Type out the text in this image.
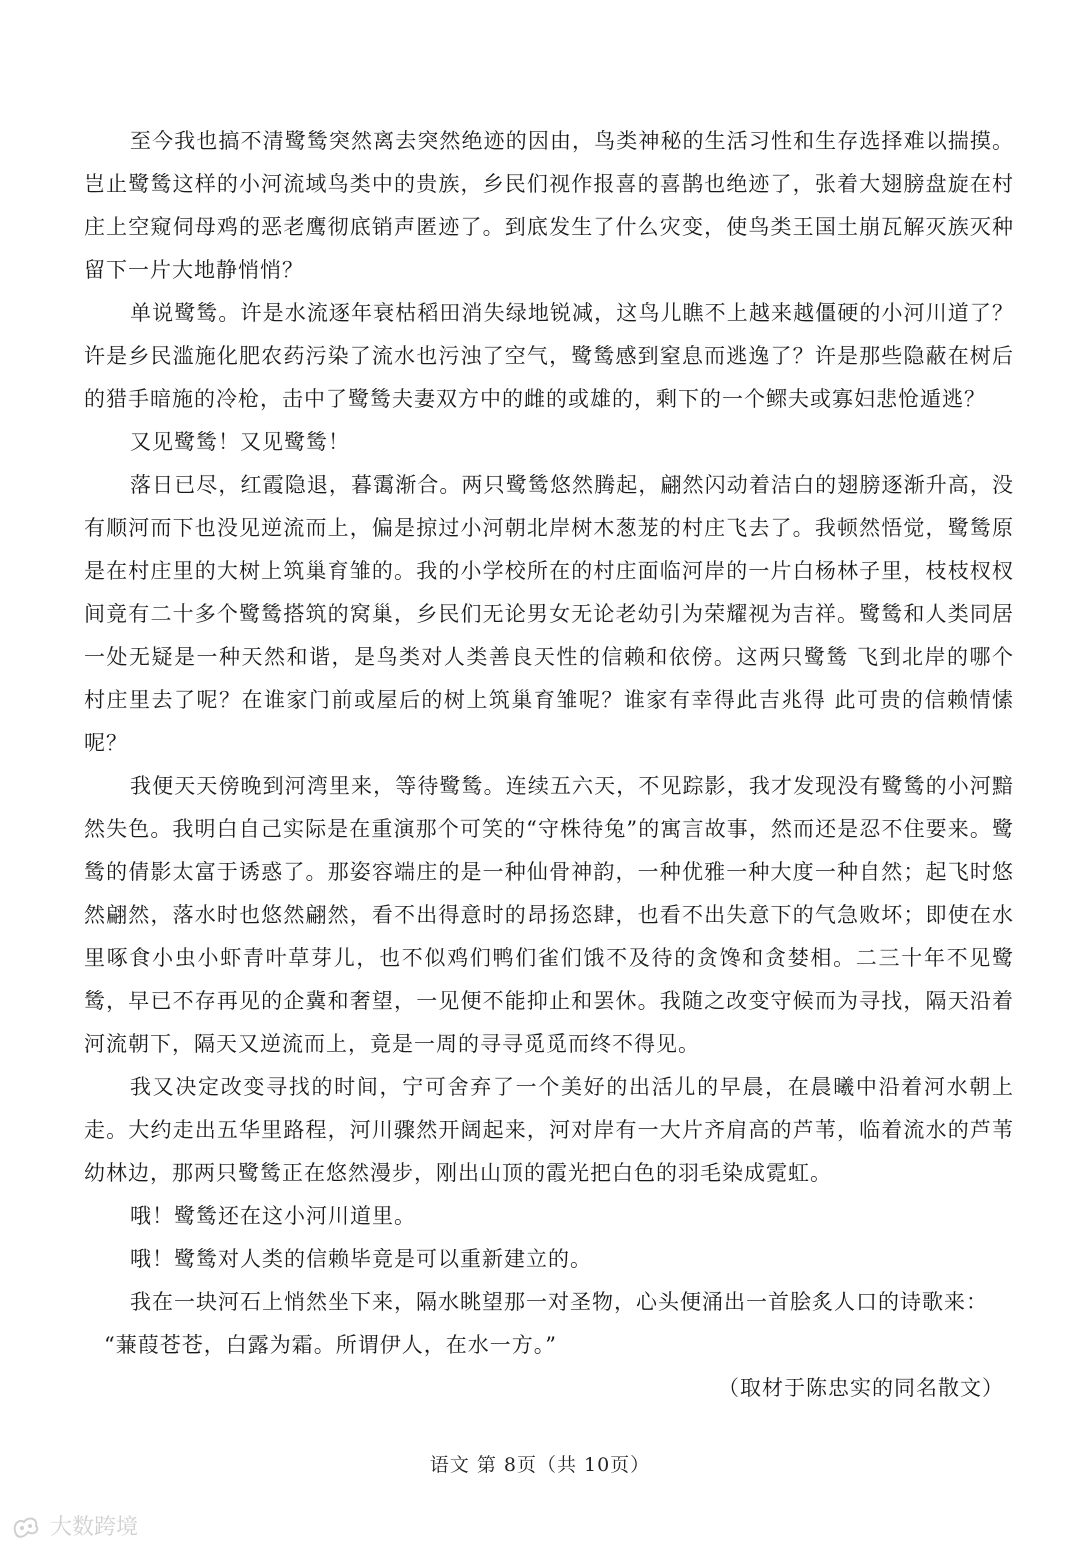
至今我也搞不清鹭鸶突然离去突然绝迹的因由，鸟类神秘的生活习性和生存选择难以揣摸。岂止鹭鸶这样的小河流域鸟类中的贵族，乡民们视作报喜的喜鹊也绝迹了，张着大翅膀盘旋在村庄上空窥伺母鸡的恶老鹰彻底销声匿迹了。到底发生了什么灾变，使鸟类王国土崩瓦解灭族灭种留下一片大地静悄悄？

单说鹭鸶。许是水流逐年衰枯稻田消失绿地锐减，这鸟儿瞧不上越来越僵硬的小河川道了？许是乡民滥施化肥农药污染了流水也污浊了空气，鹭鸶感到窒息而逃逸了？许是那些隐蔽在树后的猎手暗施的冷枪，击中了鹭鸶夫妻双方中的雌的或雄的，剩下的一个鳏夫或寡妇悲怆遁逃？

又见鹭鸶！又见鹭鸶！

落日已尽，红霞隐退，暮霭渐合。两只鹭鸶悠然腾起，翩然闪动着洁白的翅膀逐渐升高，没有顺河而下也没见逆流而上，偏是掠过小河朝北岸树木葱茏的村庄飞去了。我顿然悟觉，鹭鸶原是在村庄里的大树上筑巢育雏的。我的小学校所在的村庄面临河岸的一片白杨林子里，枝枝杈杈间竟有二十多个鹭鸶搭筑的窝巢，乡民们无论男女无论老幼引为荣耀视为吉祥。鹭鸶和人类同居一处无疑是一种天然和谐，是鸟类对人类善良天性的信赖和依傍。这两只鹭鸶 飞到北岸的哪个村庄里去了呢？在谁家门前或屋后的树上筑巢育雏呢？谁家有幸得此吉兆得 此可贵的信赖情愫呢？

我便天天傍晚到河湾里来，等待鹭鸶。连续五六天，不见踪影，我才发现没有鹭鸶的小河黯 然失色。我明白自己实际是在重演那个可笑的“守株待兔”的寓言故事，然而还是忍不住要来。鹭鸶的倩影太富于诱惑了。那姿容端庄的是一种仙骨神韵，一种优雅一种大度一种自然；起飞时悠然翩然，落水时也悠然翩然，看不出得意时的昂扬恣肆，也看不出失意下的气急败坏；即使在水里啄食小虫小虾青叶草芽儿，也不似鸡们鸭们雀们饿不及待的贪馋和贪婪相。二三十年不见鹭鸶，早已不存再见的企冀和奢望，一见便不能抑止和罢休。我随之改变守候而为寻找，隔天沿着河流朝下，隔天又逆流而上，竟是一周的寻寻觅觅而终不得见。

我又决定改变寻找的时间，宁可舍弃了一个美好的出活儿的早晨，在晨曦中沿着河水朝上走。大约走出五华里路程，河川骤然开阔起来，河对岸有一大片齐肩高的芦苇，临着流水的芦苇幼林边，那两只鹭鸶正在悠然漫步，刚出山顶的霞光把白色的羽毛染成霓虹。

哦！鹭鸶还在这小河川道里。

哦！鹭鸶对人类的信赖毕竟是可以重新建立的。

我在一块河石上悄然坐下来，隔水眺望那一对圣物，心头便涌出一首脍炙人口的诗歌来：

“蒹葭苍苍，白露为霜。所谓伊人，在水一方。”

（取材于陈忠实的同名散文）

语文 第 8页（共 10页）
大数跨境
